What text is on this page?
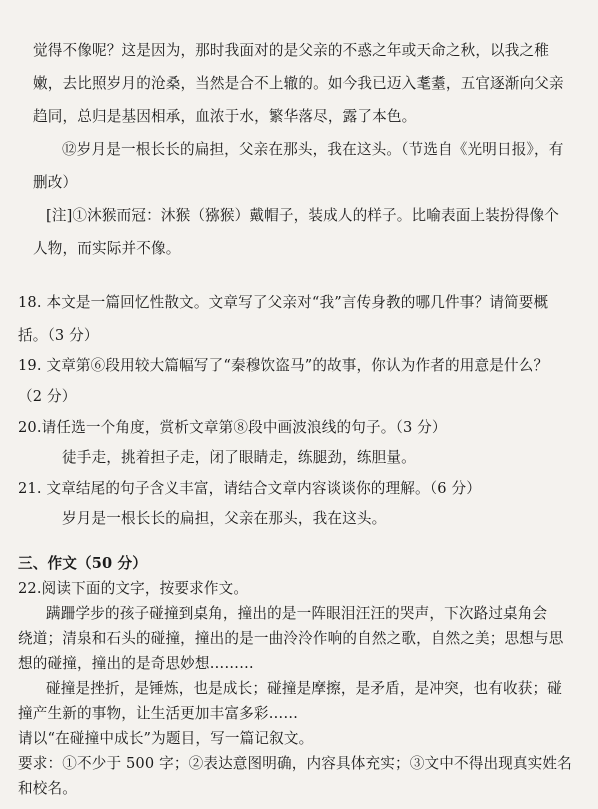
觉得不像呢？这是因为，那时我面对的是父亲的不惑之年或天命之秋，以我之稚
嫩，去比照岁月的沧桑，当然是合不上辙的。如今我已迈入耄耋，五官逐渐向父亲
趋同，总归是基因相承，血浓于水，繁华落尽，露了本色。
⑫岁月是一根长长的扁担，父亲在那头，我在这头。（节选自《光明日报》，有
删改）
[注]①沐猴而冠：沐猴（猕猴）戴帽子，装成人的样子。比喻表面上装扮得像个
人物，而实际并不像。
18. 本文是一篇回忆性散文。文章写了父亲对“我”言传身教的哪几件事？请简要概
括。（3 分）
19. 文章第⑥段用较大篇幅写了“秦穆饮盗马”的故事，你认为作者的用意是什么？
（2 分）
20.请任选一个角度，赏析文章第⑧段中画波浪线的句子。（3 分）
徒手走，挑着担子走，闭了眼睛走，练腿劲，练胆量。
21. 文章结尾的句子含义丰富，请结合文章内容谈谈你的理解。（6 分）
岁月是一根长长的扁担，父亲在那头，我在这头。
三、作文（50 分）
22.阅读下面的文字，按要求作文。
蹒跚学步的孩子碰撞到桌角，撞出的是一阵眼泪汪汪的哭声，下次路过桌角会
绕道；清泉和石头的碰撞，撞出的是一曲泠泠作响的自然之歌，自然之美；思想与思
想的碰撞，撞出的是奇思妙想………
碰撞是挫折，是锤炼，也是成长；碰撞是摩擦，是矛盾，是冲突，也有收获；碰
撞产生新的事物，让生活更加丰富多彩……
请以“在碰撞中成长”为题目，写一篇记叙文。
要求：①不少于 500 字；②表达意图明确，内容具体充实；③文中不得出现真实姓名
和校名。
